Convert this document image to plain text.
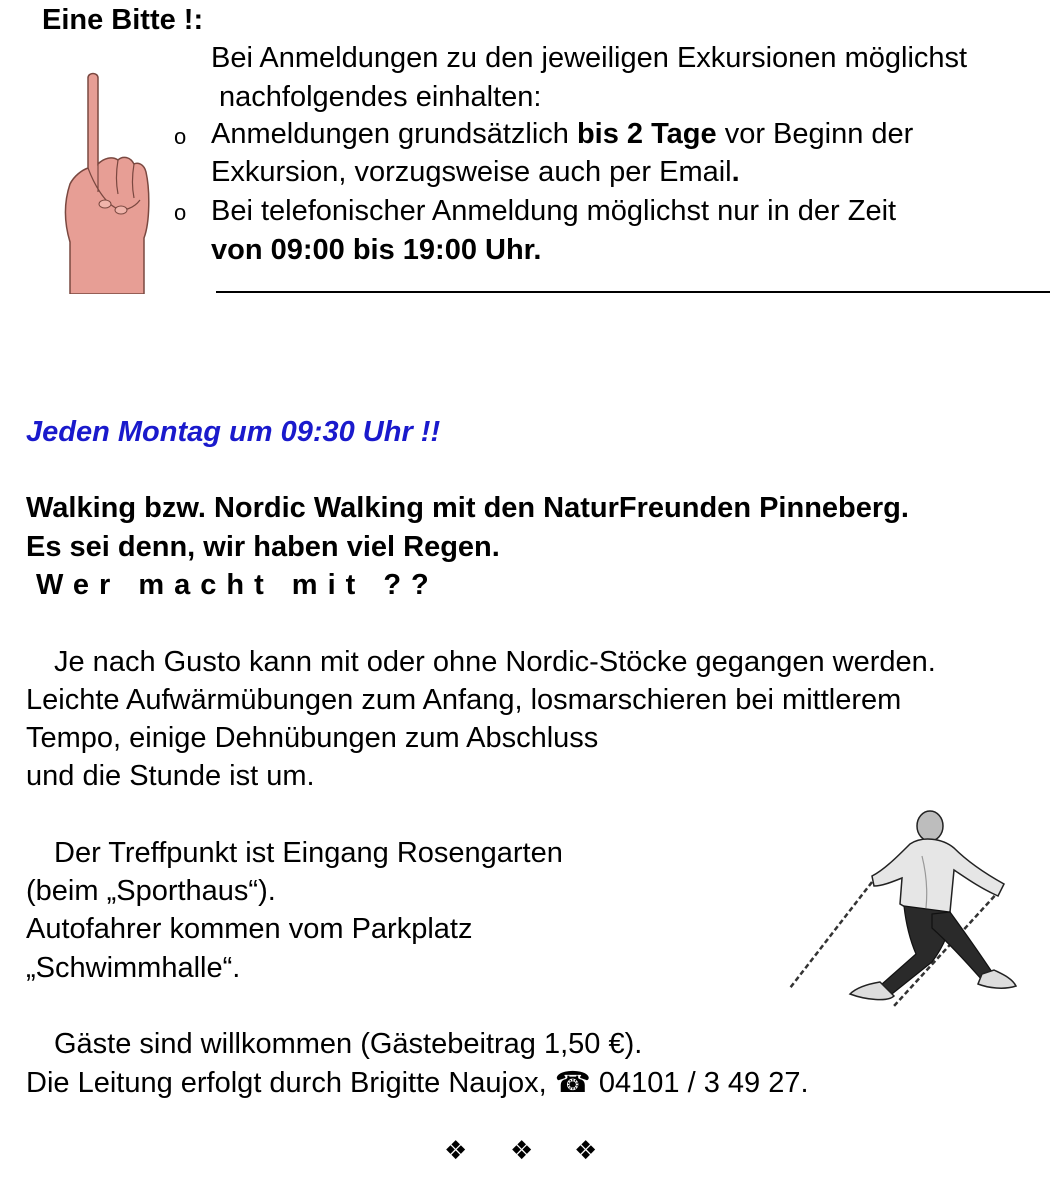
Eine Bitte !:
Bei Anmeldungen zu den jeweiligen Exkursionen möglichst
nachfolgendes einhalten:
o Anmeldungen grundsätzlich bis 2 Tage vor Beginn der
Exkursion, vorzugsweise auch per Email.
o Bei telefonischer Anmeldung möglichst nur in der Zeit
von 09:00 bis 19:00 Uhr.
Jeden Montag um 09:30 Uhr !!
Walking bzw. Nordic Walking mit den NaturFreunden Pinneberg.
Es sei denn, wir haben viel Regen.
Wer macht mit ??
Je nach Gusto kann mit oder ohne Nordic-Stöcke gegangen werden.
Leichte Aufwärmübungen zum Anfang, losmarschieren bei mittlerem
Tempo, einige Dehnübungen zum Abschluss
und die Stunde ist um.
Der Treffpunkt ist Eingang Rosengarten
(beim „Sporthaus“).
Autofahrer kommen vom Parkplatz
„Schwimmhalle“.
Gäste sind willkommen (Gästebeitrag 1,50 €).
Die Leitung erfolgt durch Brigitte Naujox, ☎ 04101 / 3 49 27.
❖ ❖ ❖
